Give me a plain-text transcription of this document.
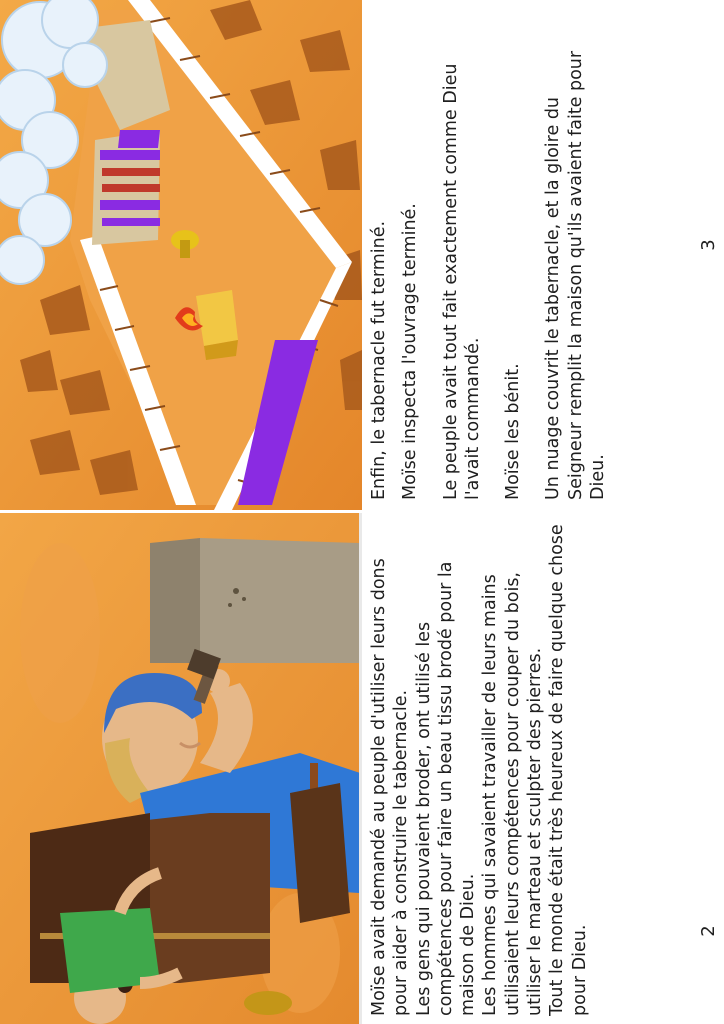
Enfin, le tabernacle fut terminé. Moïse inspecta l'ouvrage terminé. Le peuple avait tout fait exactement comme Dieu l'avait commandé. Moïse les bénit. Un nuage couvrit le tabernacle, et la gloire du Seigneur remplit la maison qu'ils avaient faite pour Dieu.

3

Moïse avait demandé au peuple d'utiliser leurs dons pour aider à construire le tabernacle. Les gens qui pouvaient broder, ont utilisé les compétences pour faire un beau tissu brodé pour la maison de Dieu. Les hommes qui savaient travailler de leurs mains utilisaient leurs compétences pour couper du bois, utiliser le marteau et sculpter des pierres. Tout le monde était très heureux de faire quelque chose pour Dieu.	2
